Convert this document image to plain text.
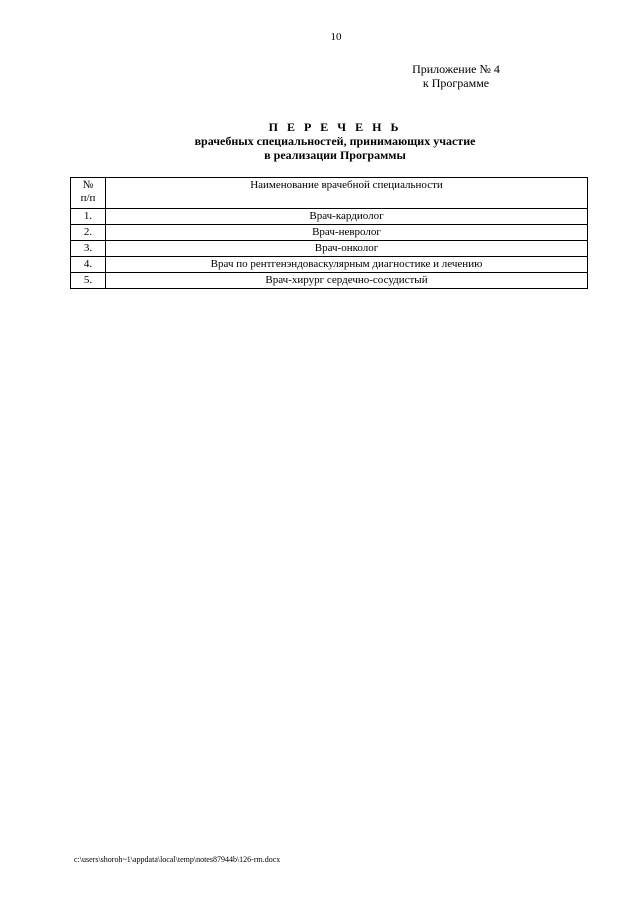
10
Приложение № 4
к Программе
П Е Р Е Ч Е Н Ь
врачебных специальностей, принимающих участие
в реализации Программы
№
п/п	Наименование врачебной специальности
1.	Врач-кардиолог
2.	Врач-невролог
3.	Врач-онколог
4.	Врач по рентгенэндоваскулярным диагностике и лечению
5.	Врач-хирург сердечно-сосудистый
c:\users\shoroh~1\appdata\local\temp\notes87944b\126-rm.docx
